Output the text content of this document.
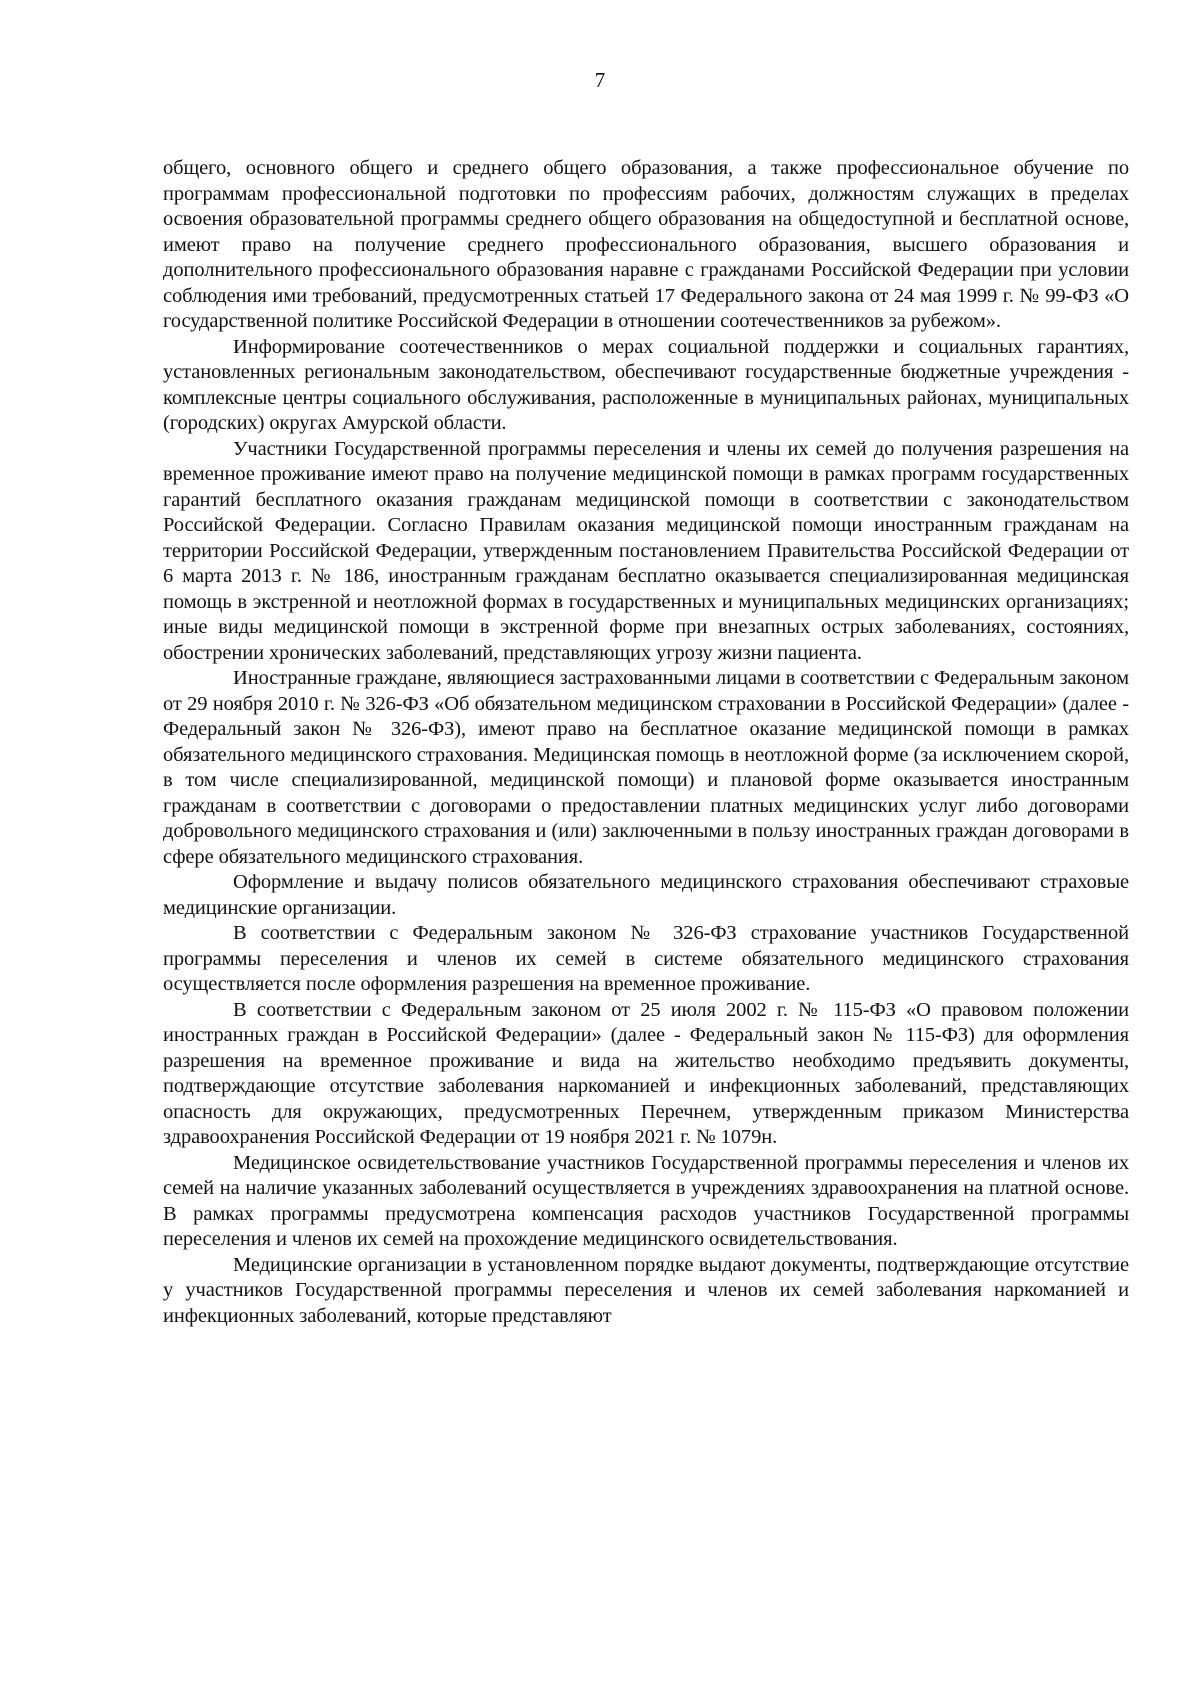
7

общего, основного общего и среднего общего образования, а также профессиональное обучение по программам профессиональной подготовки по профессиям рабочих, должностям служащих в пределах освоения образовательной программы среднего общего образования на общедоступной и бесплатной основе, имеют право на получение среднего профессионального образования, высшего образования и дополнительного профессионального образования наравне с гражданами Российской Федерации при условии соблюдения ими требований, предусмотренных статьей 17 Федерального закона от 24 мая 1999 г. № 99-ФЗ «О государственной политике Российской Федерации в отношении соотечественников за рубежом».

Информирование соотечественников о мерах социальной поддержки и социальных гарантиях, установленных региональным законодательством, обеспечивают государственные бюджетные учреждения - комплексные центры социального обслуживания, расположенные в муниципальных районах, муниципальных (городских) округах Амурской области.

Участники Государственной программы переселения и члены их семей до получения разрешения на временное проживание имеют право на получение медицинской помощи в рамках программ государственных гарантий бесплатного оказания гражданам медицинской помощи в соответствии с законодательством Российской Федерации. Согласно Правилам оказания медицинской помощи иностранным гражданам на территории Российской Федерации, утвержденным постановлением Правительства Российской Федерации от 6 марта 2013 г. № 186, иностранным гражданам бесплатно оказывается специализированная медицинская помощь в экстренной и неотложной формах в государственных и муниципальных медицинских организациях; иные виды медицинской помощи в экстренной форме при внезапных острых заболеваниях, состояниях, обострении хронических заболеваний, представляющих угрозу жизни пациента.

Иностранные граждане, являющиеся застрахованными лицами в соответствии с Федеральным законом от 29 ноября 2010 г. № 326-ФЗ «Об обязательном медицинском страховании в Российской Федерации» (далее - Федеральный закон № 326-ФЗ), имеют право на бесплатное оказание медицинской помощи в рамках обязательного медицинского страхования. Медицинская помощь в неотложной форме (за исключением скорой, в том числе специализированной, медицинской помощи) и плановой форме оказывается иностранным гражданам в соответствии с договорами о предоставлении платных медицинских услуг либо договорами добровольного медицинского страхования и (или) заключенными в пользу иностранных граждан договорами в сфере обязательного медицинского страхования.

Оформление и выдачу полисов обязательного медицинского страхования обеспечивают страховые медицинские организации.

В соответствии с Федеральным законом № 326-ФЗ страхование участников Государственной программы переселения и членов их семей в системе обязательного медицинского страхования осуществляется после оформления разрешения на временное проживание.

В соответствии с Федеральным законом от 25 июля 2002 г. № 115-ФЗ «О правовом положении иностранных граждан в Российской Федерации» (далее - Федеральный закон № 115-ФЗ) для оформления разрешения на временное проживание и вида на жительство необходимо предъявить документы, подтверждающие отсутствие заболевания наркоманией и инфекционных заболеваний, представляющих опасность для окружающих, предусмотренных Перечнем, утвержденным приказом Министерства здравоохранения Российской Федерации от 19 ноября 2021 г. № 1079н.

Медицинское освидетельствование участников Государственной программы переселения и членов их семей на наличие указанных заболеваний осуществляется в учреждениях здравоохранения на платной основе. В рамках программы предусмотрена компенсация расходов участников Государственной программы переселения и членов их семей на прохождение медицинского освидетельствования.

Медицинские организации в установленном порядке выдают документы, подтверждающие отсутствие у участников Государственной программы переселения и членов их семей заболевания наркоманией и инфекционных заболеваний, которые представляют
